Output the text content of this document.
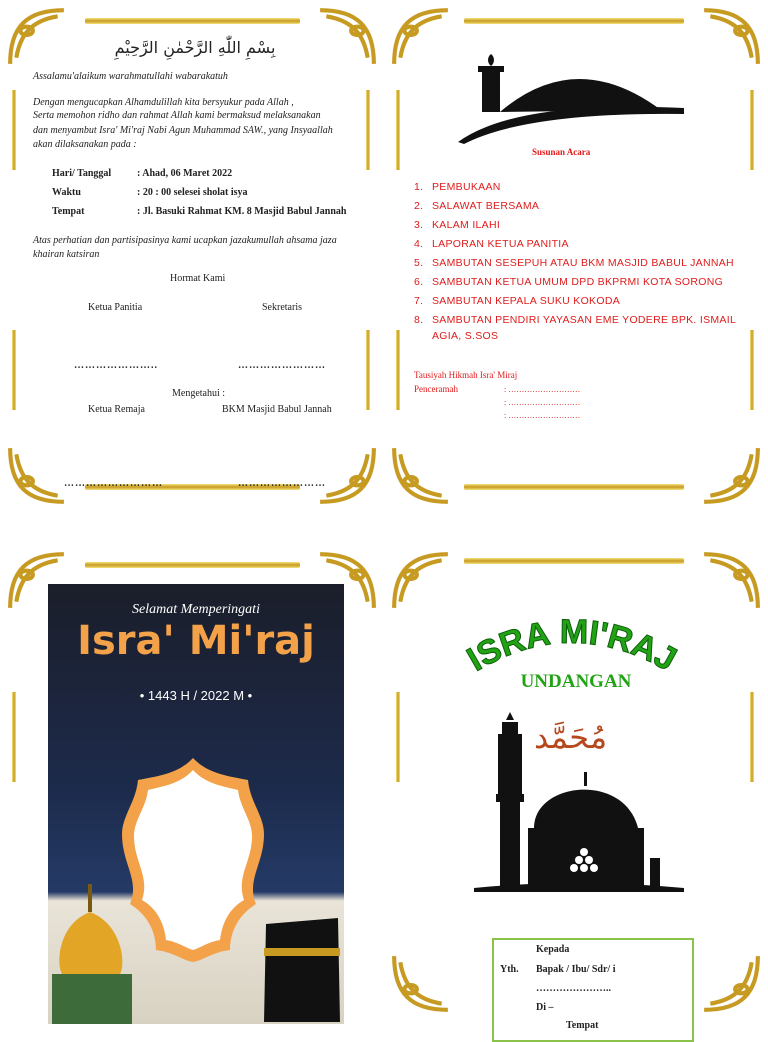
بِسْمِ اللّٰهِ الرَّحْمٰنِ الرَّحِيْمِ
Assalamu'alaikum warahmatullahi wabarakatuh
Dengan mengucapkan Alhamdulillah kita bersyukur pada Allah ,
Serta memohon ridho dan rahmat Allah kami bermaksud melaksanakan
dan menyambut Isra' Mi'raj Nabi Agun Muhammad SAW., yang Insyaallah
akan dilaksanakan pada :
Hari/ Tanggal	: Ahad, 06 Maret 2022
Waktu	: 20 : 00 selesei sholat isya
Tempat	: Jl. Basuki Rahmat KM. 8 Masjid Babul Jannah
Atas perhatian dan partisipasinya kami ucapkan jazakumullah ahsama jaza
khairan katsiran
Hormat Kami
Ketua Panitia	Sekretaris
…………………..	……………………
Mengetahui :
Ketua Remaja	BKM Masjid Babul Jannah
………………………	……………………
Susunan Acara
1. PEMBUKAAN
2. SALAWAT BERSAMA
3. KALAM ILAHI
4. LAPORAN KETUA PANITIA
5. SAMBUTAN SESEPUH ATAU BKM MASJID BABUL JANNAH
6. SAMBUTAN KETUA UMUM DPD BKPRMI KOTA SORONG
7. SAMBUTAN KEPALA SUKU KOKODA
8. SAMBUTAN PENDIRI YAYASAN EME YODERE BPK. ISMAIL
AGIA, S.SOS
Tausiyah Hikmah Isra' Miraj
Penceramah	: ………………………
: ………………………
: ………………………
Selamat Memperingati
Isra' Mi'raj
• 1443 H / 2022 M •
ISRA MI'RAJ
UNDANGAN
مُحَمَّد
Kepada
Yth. Bapak / Ibu/ Sdr/ i
…………………..
Di –
Tempat
